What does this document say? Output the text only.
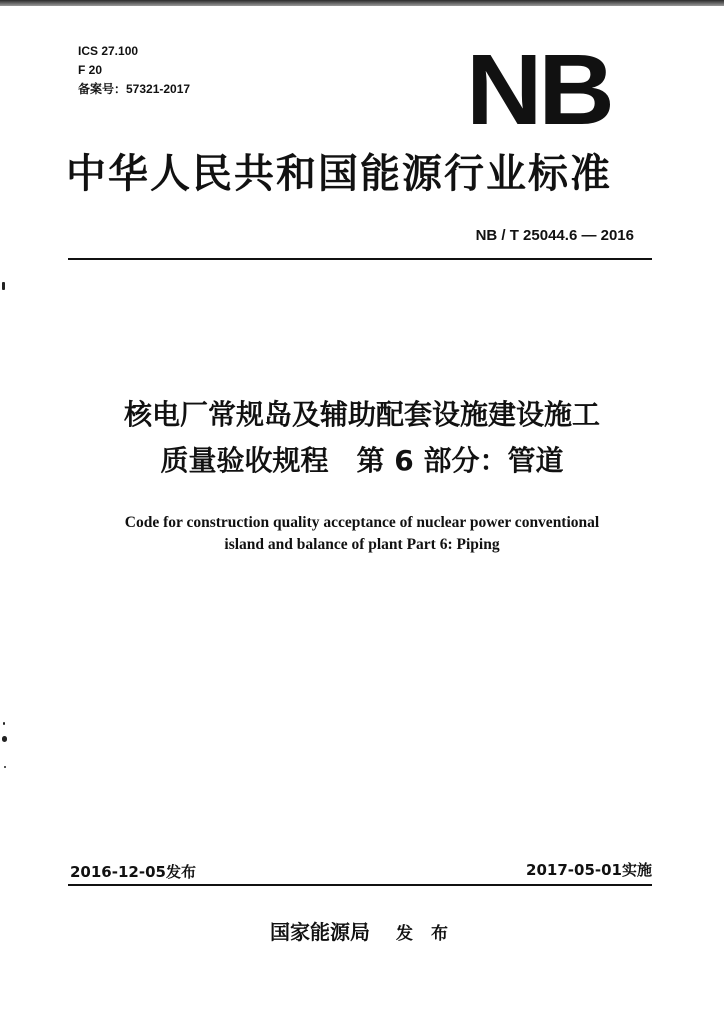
ICS 27.100
F 20
备案号：57321-2017	NB
中华人民共和国能源行业标准
NB / T 25044.6 — 2016
核电厂常规岛及辅助配套设施建设施工
质量验收规程　第 6 部分：管道
Code for construction quality acceptance of nuclear power conventional
island and balance of plant Part 6: Piping
2016-12-05发布	2017-05-01实施
国家能源局 发 布
